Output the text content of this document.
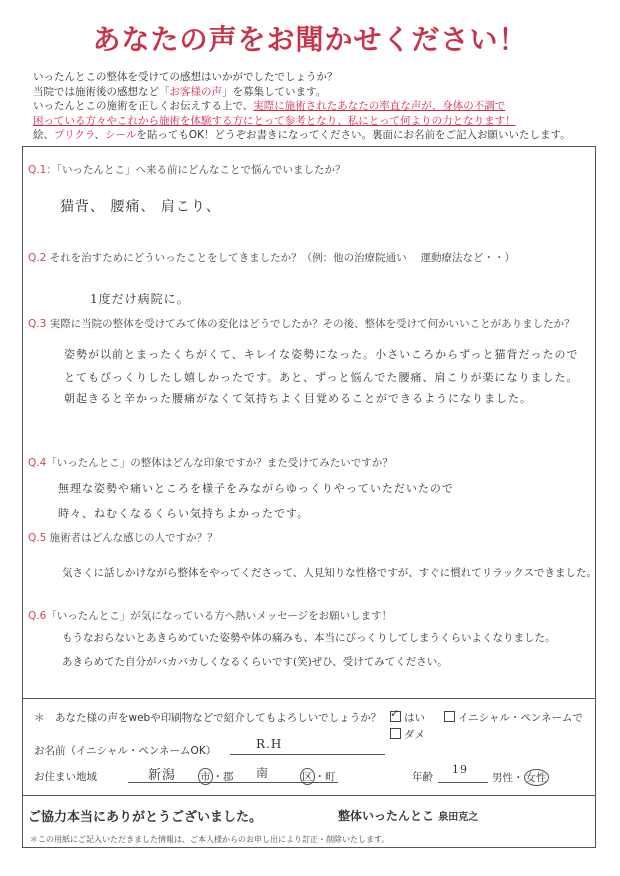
あなたの声をお聞かせください！
いったんとこの整体を受けての感想はいかがでしたでしょうか？
当院では施術後の感想など「お客様の声」を募集しています。
いったんとこの施術を正しくお伝えする上で、実際に施術されたあなたの率直な声が、身体の不調で
困っている方々やこれから施術を体験する方にとって参考となり、私にとって何よりの力となります！
絵、プリクラ、シールを貼ってもOK！どうぞお書きになってください。裏面にお名前をご記入お願いいたします。
Q.1：「いったんとこ」へ来る前にどんなことで悩んでいましたか？
猫背、 腰痛、 肩こり、
Q.2 それを治すためにどういったことをしてきましたか？（例：他の治療院通い　 運動療法など・・）
1度だけ病院に。
Q.3 実際に当院の整体を受けてみて体の変化はどうでしたか？その後、整体を受けて何かいいことがありましたか？
姿勢が以前とまったくちがくて、キレイな姿勢になった。小さいころからずっと猫背だったので
とてもびっくりしたし嬉しかったです。あと、ずっと悩んでた腰痛、肩こりが楽になりました。
朝起きると辛かった腰痛がなくて気持ちよく目覚めることができるようになりました。
Q.4「いったんとこ」の整体はどんな印象ですか？また受けてみたいですか？
無理な姿勢や痛いところを様子をみながらゆっくりやっていただいたので
時々、ねむくなるくらい気持ちよかったです。
Q.5 施術者はどんな感じの人ですか？？
気さくに話しかけながら整体をやってくださって、人見知りな性格ですが、すぐに慣れてリラックスできました。
Q.6「いったんとこ」が気になっている方へ熱いメッセージをお願いします！
もうなおらないとあきらめていた姿勢や体の痛みも、本当にびっくりしてしまうくらいよくなりました。
あきらめてた自分がバカバカしくなるくらいです(笑)ぜひ、受けてみてください。
＊　あなた様の声をwebや印刷物などで紹介してもよろしいでしょうか？
✓	はい	イニシャル・ペンネームで
ダメ
お名前（イニシャル・ペンネームOK）	R.H
お住まい地域	新潟 市 ・郡 南	区 ・町	年齢
19
男性・ 女性
ご協力本当にありがとうございました。	整体いったんとこ 泉田克之
＊この用紙にご記入いただきました情報は、ご本人様からのお申し出により訂正・削除いたします。
